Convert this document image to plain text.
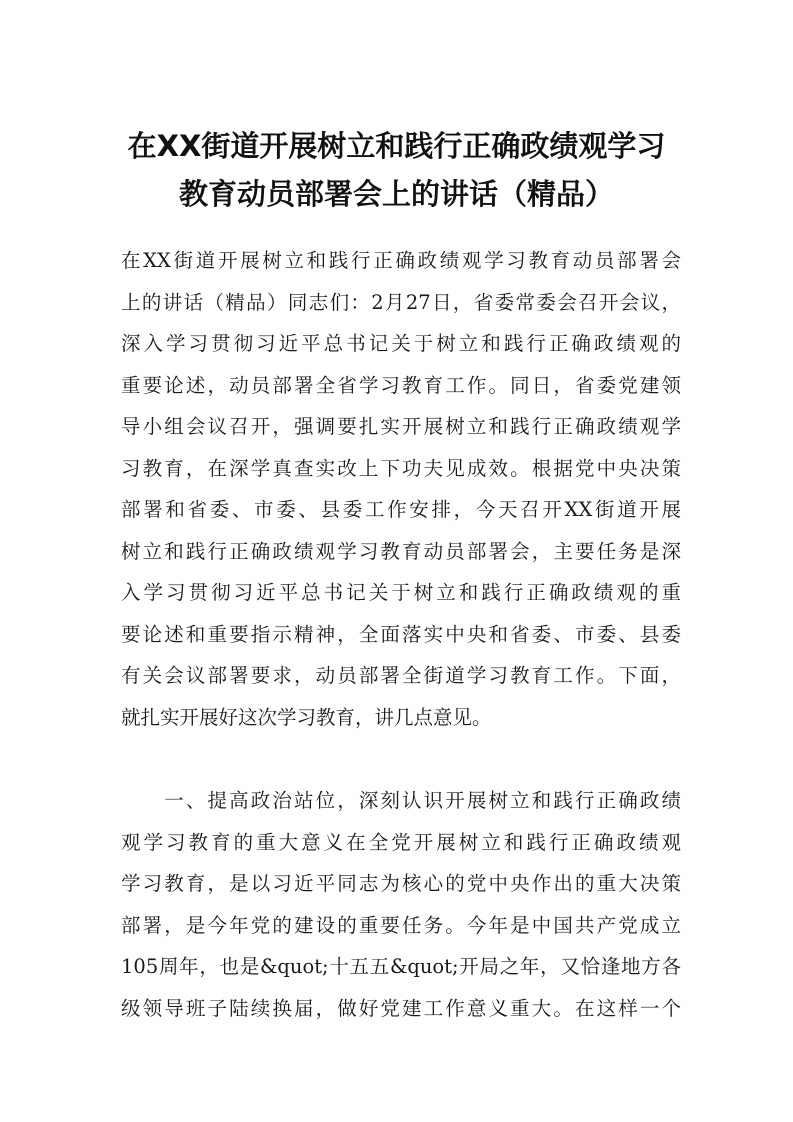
在XX街道开展树立和践行正确政绩观学习
教育动员部署会上的讲话（精品）
在XX街道开展树立和践行正确政绩观学习教育动员部署会
上的讲话（精品）同志们：2月27日，省委常委会召开会议，
深入学习贯彻习近平总书记关于树立和践行正确政绩观的
重要论述，动员部署全省学习教育工作。同日，省委党建领
导小组会议召开，强调要扎实开展树立和践行正确政绩观学
习教育，在深学真查实改上下功夫见成效。根据党中央决策
部署和省委、市委、县委工作安排，今天召开XX街道开展
树立和践行正确政绩观学习教育动员部署会，主要任务是深
入学习贯彻习近平总书记关于树立和践行正确政绩观的重
要论述和重要指示精神，全面落实中央和省委、市委、县委
有关会议部署要求，动员部署全街道学习教育工作。下面，
就扎实开展好这次学习教育，讲几点意见。
　　一、提高政治站位，深刻认识开展树立和践行正确政绩
观学习教育的重大意义在全党开展树立和践行正确政绩观
学习教育，是以习近平同志为核心的党中央作出的重大决策
部署，是今年党的建设的重要任务。今年是中国共产党成立
105周年，也是&quot;十五五&quot;开局之年，又恰逢地方各
级领导班子陆续换届，做好党建工作意义重大。在这样一个
